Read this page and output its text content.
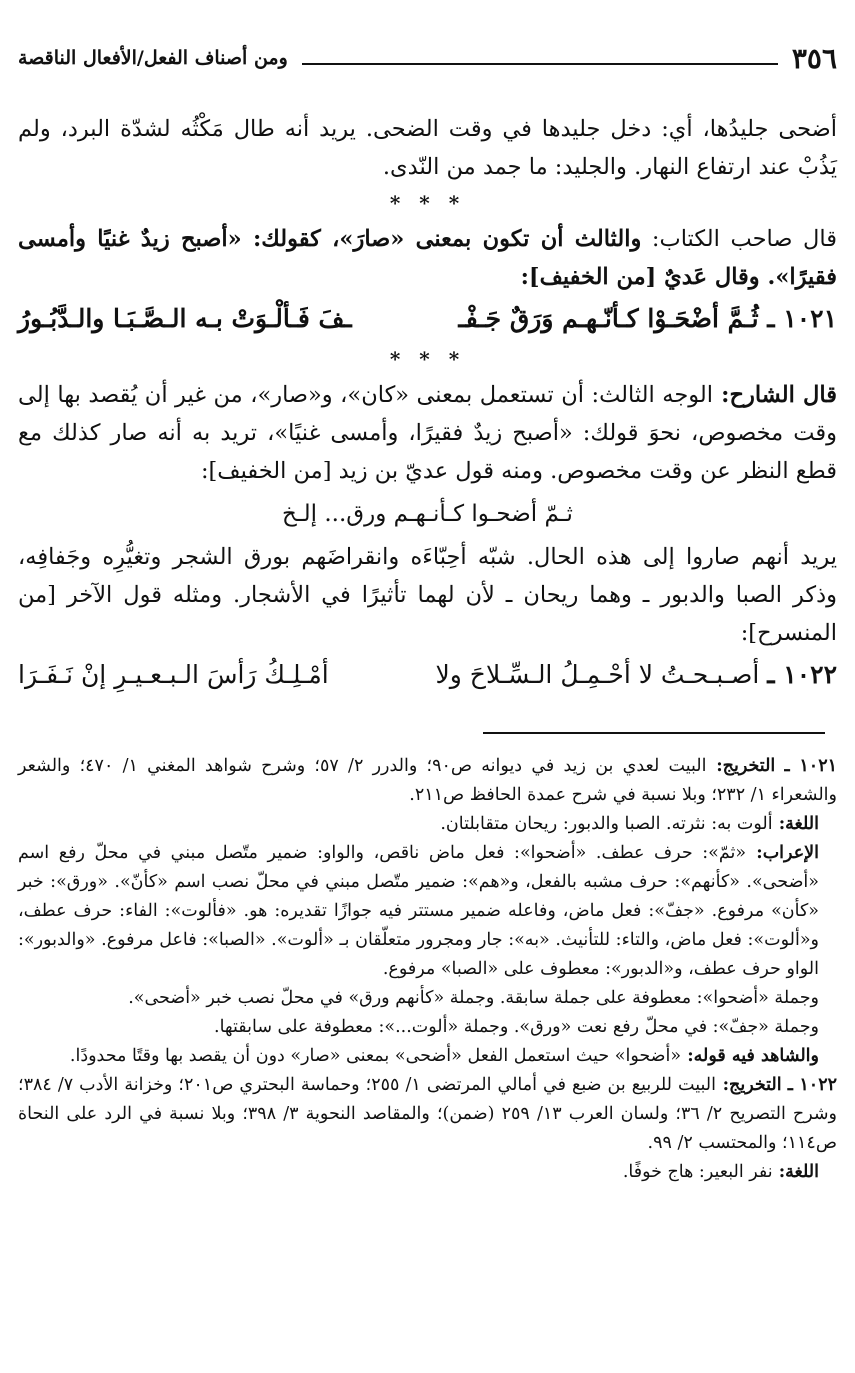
٣٥٦
ومن أصناف الفعل/الأفعال الناقصة

أضحى جليدُها، أي: دخل جليدها في وقت الضحى. يريد أنه طال مَكْثُه لشدّة البرد، ولم يَذُبْ عند ارتفاع النهار. والجليد: ما جمد من النّدى.

* * *

قال صاحب الكتاب: والثالث أن تكون بمعنى «صارَ»، كقولك: «أصبح زيدٌ غنيًا وأمسى فقيرًا». وقال عَديٌ [من الخفيف]:

١٠٢١ ـ ثُـمَّ أضْحَـوْا كـأنّـهـم وَرَقٌ جَـفْـ
ـفَ فَـألْـوَتْ بـه الـصَّـبَـا والـدَّبُـورُ
* * *

قال الشارح: الوجه الثالث: أن تستعمل بمعنى «كان»، و«صار»، من غير أن يُقصد بها إلى وقت مخصوص، نحوَ قولك: «أصبح زيدٌ فقيرًا، وأمسى غنيًا»، تريد به أنه صار كذلك مع قطع النظر عن وقت مخصوص. ومنه قول عديّ بن زيد [من الخفيف]:

ثـمّ أضحـوا كـأنـهـم ورق... إلـخ

يريد أنهم صاروا إلى هذه الحال. شبّه أحِبّاءَه وانقراضَهم بورق الشجر وتغيُّرِه وجَفافِه، وذكر الصبا والدبور ـ وهما ريحان ـ لأن لهما تأثيرًا في الأشجار. ومثله قول الآخر [من المنسرح]:

١٠٢٢ ـ أصـبـحـتُ لا أحْـمِـلُ الـسِّـلاحَ ولا
أمْـلِـكُ رَأسَ الـبـعـيـرِ إنْ نَـفَـرَا

١٠٢١ ـ التخريج: البيت لعدي بن زيد في ديوانه ص٩٠؛ والدرر ٢/ ٥٧؛ وشرح شواهد المغني ١/ ٤٧٠؛ والشعر والشعراء ١/ ٢٣٢؛ وبلا نسبة في شرح عمدة الحافظ ص٢١١.

اللغة: ألوت به: نثرته. الصبا والدبور: ريحان متقابلتان.

الإعراب: «ثمّ»: حرف عطف. «أضحوا»: فعل ماض ناقص، والواو: ضمير متّصل مبني في محلّ رفع اسم «أضحى». «كأنهم»: حرف مشبه بالفعل، و«هم»: ضمير متّصل مبني في محلّ نصب اسم «كأنّ». «ورق»: خبر «كأن» مرفوع. «جفّ»: فعل ماض، وفاعله ضمير مستتر فيه جوازًا تقديره: هو. «فألوت»: الفاء: حرف عطف، و«ألوت»: فعل ماض، والتاء: للتأنيث. «به»: جار ومجرور متعلّقان بـ «ألوت». «الصبا»: فاعل مرفوع. «والدبور»: الواو حرف عطف، و«الدبور»: معطوف على «الصبا» مرفوع.

وجملة «أضحوا»: معطوفة على جملة سابقة. وجملة «كأنهم ورق» في محلّ نصب خبر «أضحى».

وجملة «جفّ»: في محلّ رفع نعت «ورق». وجملة «ألوت...»: معطوفة على سابقتها.

والشاهد فيه قوله: «أضحوا» حيث استعمل الفعل «أضحى» بمعنى «صار» دون أن يقصد بها وقتًا محدودًا.

١٠٢٢ ـ التخريج: البيت للربيع بن ضبع في أمالي المرتضى ١/ ٢٥٥؛ وحماسة البحتري ص٢٠١؛ وخزانة الأدب ٧/ ٣٨٤؛ وشرح التصريح ٢/ ٣٦؛ ولسان العرب ١٣/ ٢٥٩ (ضمن)؛ والمقاصد النحوية ٣/ ٣٩٨؛ وبلا نسبة في الرد على النحاة ص١١٤؛ والمحتسب ٢/ ٩٩.

اللغة: نفر البعير: هاج خوفًا.
